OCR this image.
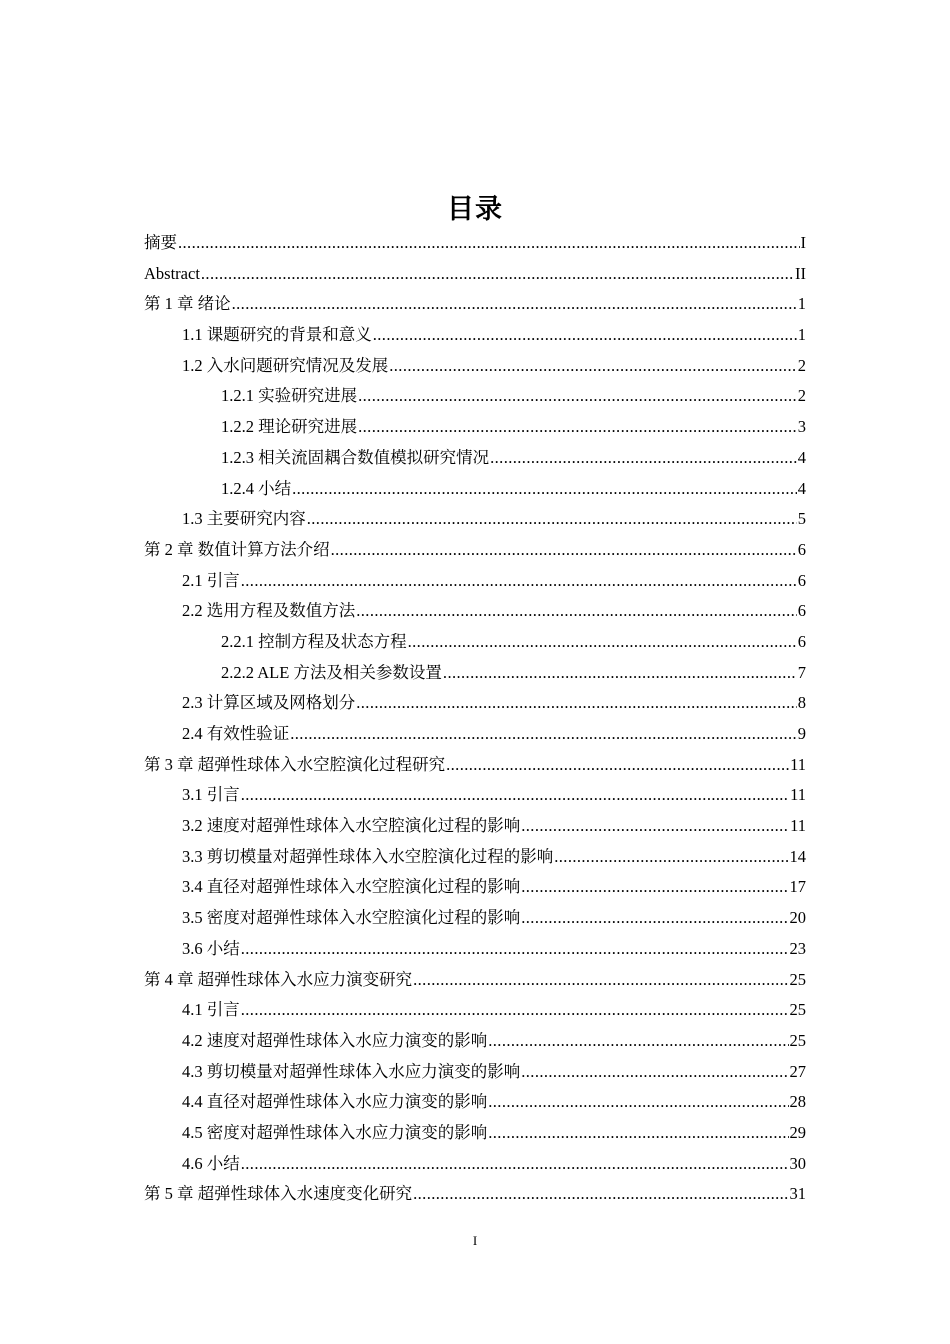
目录
摘要 .....	I
Abstract .....	II
第 1 章 绪论 .....	1
1.1 课题研究的背景和意义 .....	1
1.2 入水问题研究情况及发展 .....	2
1.2.1 实验研究进展 .....	2
1.2.2 理论研究进展 .....	3
1.2.3 相关流固耦合数值模拟研究情况 .....	4
1.2.4 小结 .....	4
1.3 主要研究内容 .....	5
第 2 章 数值计算方法介绍 .....	6
2.1 引言 .....	6
2.2 选用方程及数值方法 .....	6
2.2.1 控制方程及状态方程 .....	6
2.2.2 ALE 方法及相关参数设置 .....	7
2.3 计算区域及网格划分 .....	8
2.4 有效性验证 .....	9
第 3 章 超弹性球体入水空腔演化过程研究 .....	11
3.1 引言 .....	11
3.2 速度对超弹性球体入水空腔演化过程的影响 .....	11
3.3 剪切模量对超弹性球体入水空腔演化过程的影响 .....	14
3.4 直径对超弹性球体入水空腔演化过程的影响 .....	17
3.5 密度对超弹性球体入水空腔演化过程的影响 .....	20
3.6 小结 .....	23
第 4 章 超弹性球体入水应力演变研究 .....	25
4.1 引言 .....	25
4.2 速度对超弹性球体入水应力演变的影响 .....	25
4.3 剪切模量对超弹性球体入水应力演变的影响 .....	27
4.4 直径对超弹性球体入水应力演变的影响 .....	28
4.5 密度对超弹性球体入水应力演变的影响 .....	29
4.6 小结 .....	30
第 5 章 超弹性球体入水速度变化研究 .....	31
I
